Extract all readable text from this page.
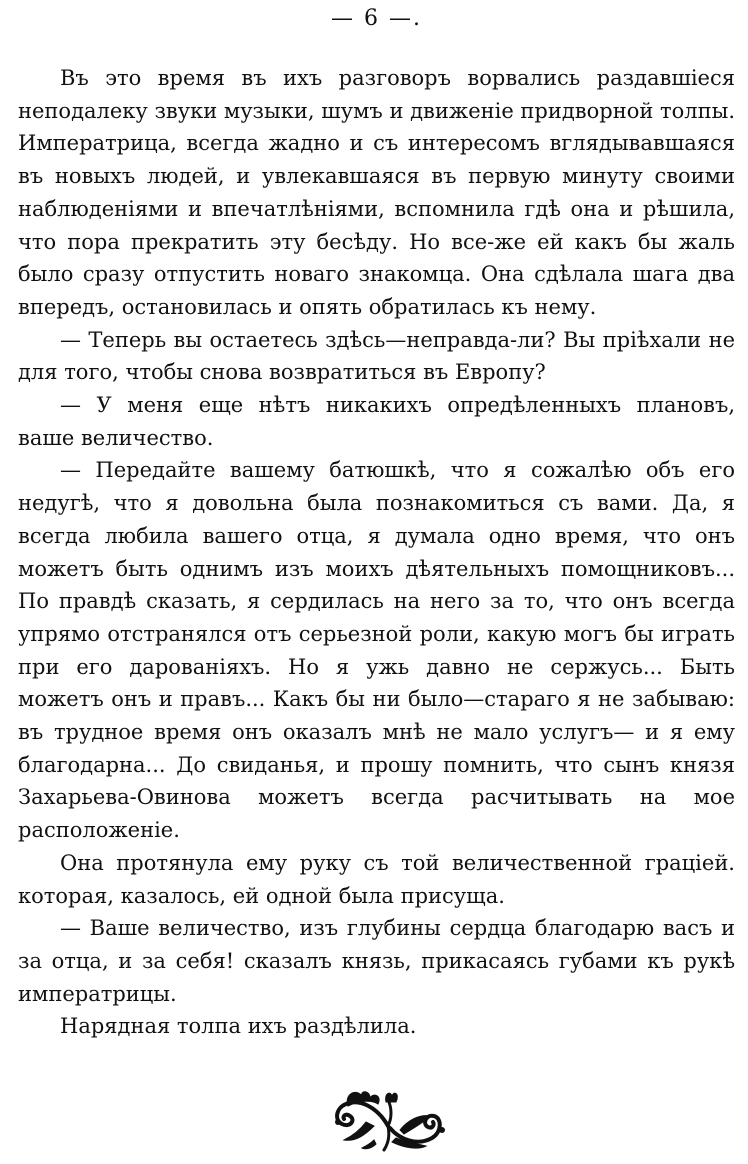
— 6 —.

Въ это время въ ихъ разговоръ ворвались раздавшіеся неподалеку звуки музыки, шумъ и движеніе придворной толпы. Императрица, всегда жадно и съ интересомъ вглядывавшаяся въ новыхъ людей, и увлекавшаяся въ первую минуту своими наблюденіями и впечатлѣніями, вспомнила гдѣ она и рѣшила, что пора прекратить эту бесѣду. Но все-же ей какъ бы жаль было сразу отпустить новаго знакомца. Она сдѣлала шага два впередъ, остановилась и опять обратилась къ нему.

— Теперь вы остаетесь здѣсь—неправда-ли? Вы пріѣхали не для того, чтобы снова возвратиться въ Европу?

— У меня еще нѣтъ никакихъ опредѣленныхъ плановъ, ваше величество.

— Передайте вашему батюшкѣ, что я сожалѣю объ его недугѣ, что я довольна была познакомиться съ вами. Да, я всегда любила вашего отца, я думала одно время, что онъ можетъ быть однимъ изъ моихъ дѣятельныхъ помощниковъ... По правдѣ сказать, я сердилась на него за то, что онъ всегда упрямо отстранялся отъ серьезной роли, какую могъ бы играть при его дарованіяхъ. Но я ужь давно не сержусь... Быть можетъ онъ и правъ... Какъ бы ни было—стараго я не забываю: въ трудное время онъ оказалъ мнѣ не мало услугъ— и я ему благодарна... До свиданья, и прошу помнить, что сынъ князя Захарьева-Овинова можетъ всегда расчитывать на мое расположеніе.

Она протянула ему руку съ той величественной граціей. которая, казалось, ей одной была присуща.

— Ваше величество, изъ глубины сердца благодарю васъ и за отца, и за себя! сказалъ князь, прикасаясь губами къ рукѣ императрицы.

Нарядная толпа ихъ раздѣлила.
